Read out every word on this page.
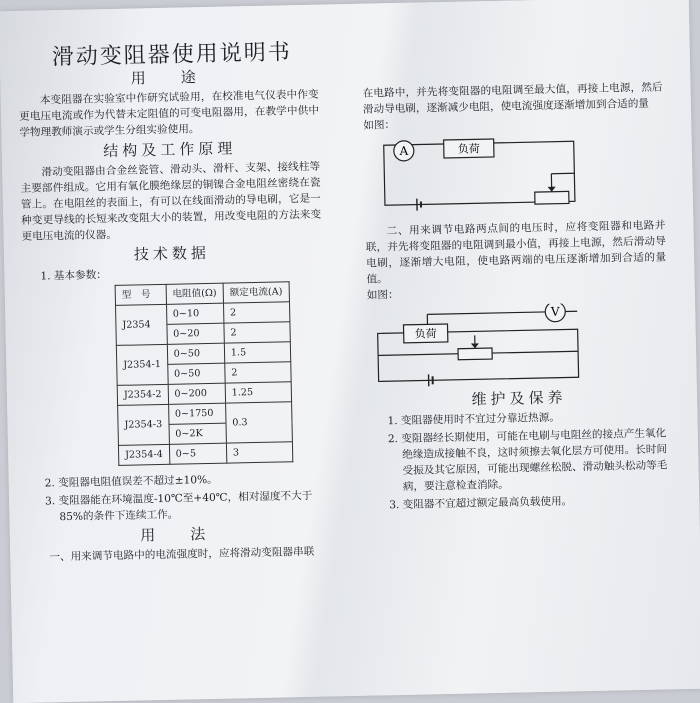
滑动变阻器使用说明书
用　途

本变阻器在实验室中作研究试验用，在校准电气仪表中作变更电压电流或作为代替未定阻值的可变电阻器用，在教学中供中学物理教师演示或学生分组实验使用。

结构及工作原理

滑动变阻器由合金丝瓷管、滑动头、滑杆、支架、接线柱等主要部件组成。它用有氧化膜绝缘层的铜镍合金电阻丝密绕在瓷管上。在电阻丝的表面上，有可以在线面滑动的导电刷，它是一种变更导线的长短来改变阻大小的装置，用改变电阻的方法来变更电压电流的仪器。

技术数据
1. 基本参数：
型　号	电阻值(Ω)	额定电流(A)
J2354	0~10	2
	0~20	2
J2354-1	0~50	1.5
	0~50	2
J2354-2	0~200	1.25
J2354-3	0~1750	0.3
	0~2K	
J2354-4	0~5	3
2. 变阻器电阻值误差不超过±10%。
3. 变阻器能在环境温度-10℃至+40℃，相对湿度不大于85%的条件下连续工作。
用　法

一、用来调节电路中的电流强度时，应将滑动变阻器串联

在电路中，并先将变阻器的电阻调至最大值，再接上电源，然后滑动导电刷，逐渐减少电阻，使电流强度逐渐增加到合适的量

如图：

A	负荷

二、用来调节电路两点间的电压时，应将变阻器和电路并联，并先将变阻器的电阻调到最小值，再接上电源，然后滑动导电刷，逐渐增大电阻，使电路两端的电压逐渐增加到合适的量值。

如图：

V
负荷
维护及保养
1. 变阻器使用时不宜过分靠近热源。
2. 变阻器经长期使用，可能在电刷与电阻丝的接点产生氧化绝缘造成接触不良，这时须擦去氧化层方可使用。长时间受振及其它原因，可能出现螺丝松脱、滑动触头松动等毛病，要注意检查消除。
3. 变阻器不宜超过额定最高负载使用。
